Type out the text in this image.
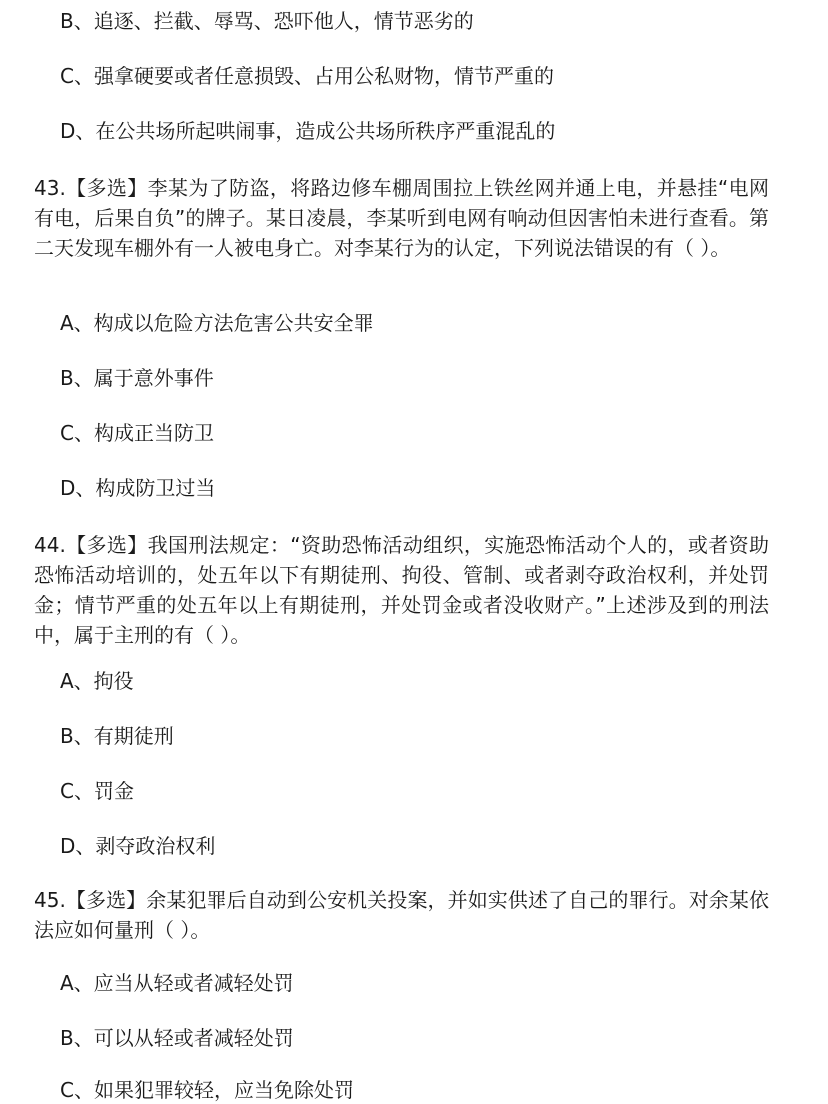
B、追逐、拦截、辱骂、恐吓他人，情节恶劣的
C、强拿硬要或者任意损毁、占用公私财物，情节严重的
D、在公共场所起哄闹事，造成公共场所秩序严重混乱的
43.【多选】李某为了防盗，将路边修车棚周围拉上铁丝网并通上电，并悬挂“电网有电，后果自负”的牌子。某日凌晨，李某听到电网有响动但因害怕未进行查看。第二天发现车棚外有一人被电身亡。对李某行为的认定，下列说法错误的有（ ）。
A、构成以危险方法危害公共安全罪
B、属于意外事件
C、构成正当防卫
D、构成防卫过当
44.【多选】我国刑法规定：“资助恐怖活动组织，实施恐怖活动个人的，或者资助恐怖活动培训的，处五年以下有期徒刑、拘役、管制、或者剥夺政治权利，并处罚金；情节严重的处五年以上有期徒刑，并处罚金或者没收财产。”上述涉及到的刑法中，属于主刑的有（ ）。
A、拘役
B、有期徒刑
C、罚金
D、剥夺政治权利
45.【多选】余某犯罪后自动到公安机关投案，并如实供述了自己的罪行。对余某依法应如何量刑（ ）。
A、应当从轻或者减轻处罚
B、可以从轻或者减轻处罚
C、如果犯罪较轻，应当免除处罚
